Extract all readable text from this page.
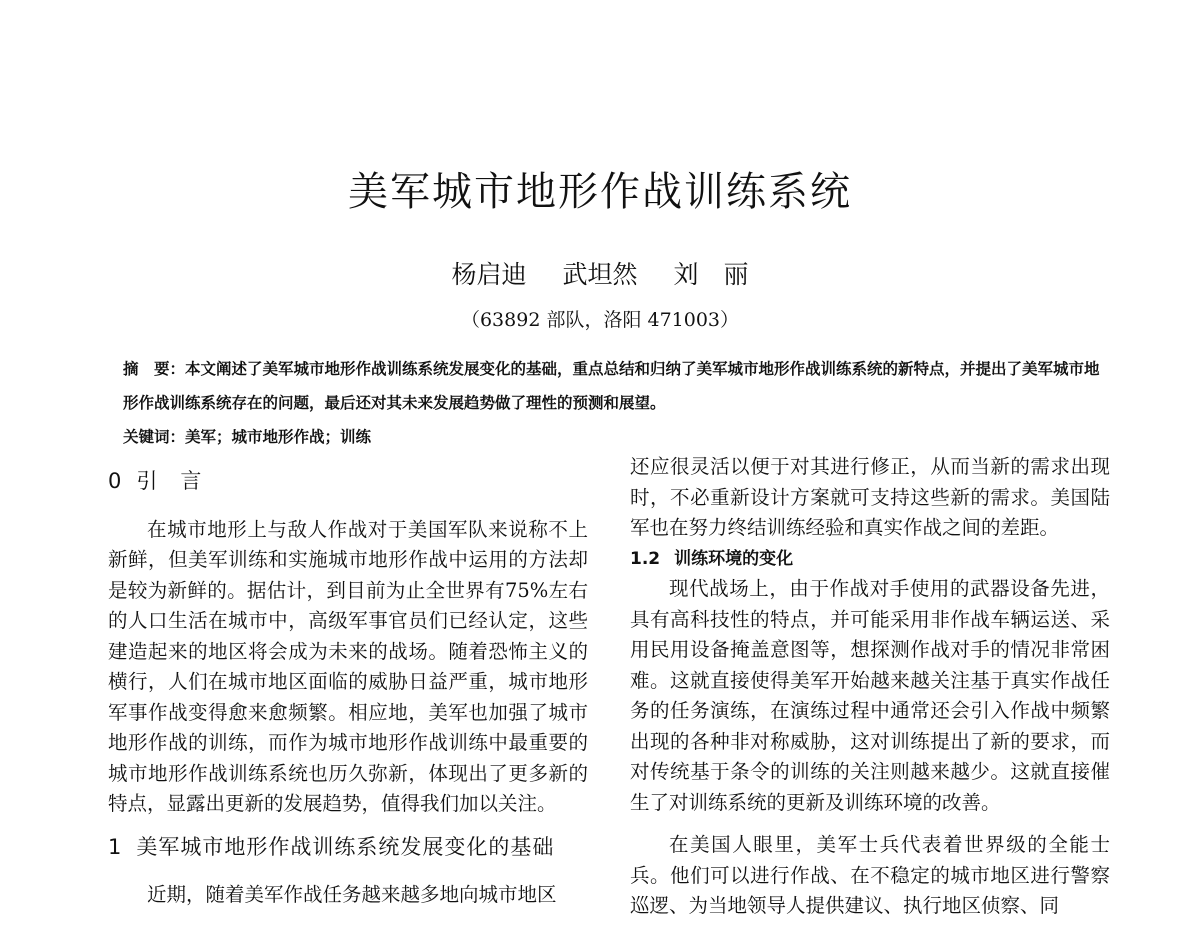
美军城市地形作战训练系统
杨启迪 武坦然 刘　丽
（63892 部队，洛阳 471003）

摘　要：本文阐述了美军城市地形作战训练系统发展变化的基础，重点总结和归纳了美军城市地形作战训练系统的新特点，并提出了美军城市地形作战训练系统存在的问题，最后还对其未来发展趋势做了理性的预测和展望。

关键词：美军；城市地形作战；训练

0 引　言

在城市地形上与敌人作战对于美国军队来说称不上新鲜，但美军训练和实施城市地形作战中运用的方法却是较为新鲜的。据估计，到目前为止全世界有75%左右的人口生活在城市中，高级军事官员们已经认定，这些建造起来的地区将会成为未来的战场。随着恐怖主义的横行，人们在城市地区面临的威胁日益严重，城市地形军事作战变得愈来愈频繁。相应地，美军也加强了城市地形作战的训练，而作为城市地形作战训练中最重要的城市地形作战训练系统也历久弥新，体现出了更多新的特点，显露出更新的发展趋势，值得我们加以关注。

1 美军城市地形作战训练系统发展变化的基础

近期，随着美军作战任务越来越多地向城市地区

还应很灵活以便于对其进行修正，从而当新的需求出现时，不必重新设计方案就可支持这些新的需求。美国陆军也在努力终结训练经验和真实作战之间的差距。

1.2 训练环境的变化

现代战场上，由于作战对手使用的武器设备先进，具有高科技性的特点，并可能采用非作战车辆运送、采用民用设备掩盖意图等，想探测作战对手的情况非常困难。这就直接使得美军开始越来越关注基于真实作战任务的任务演练，在演练过程中通常还会引入作战中频繁出现的各种非对称威胁，这对训练提出了新的要求，而对传统基于条令的训练的关注则越来越少。这就直接催生了对训练系统的更新及训练环境的改善。

在美国人眼里，美军士兵代表着世界级的全能士兵。他们可以进行作战、在不稳定的城市地区进行警察巡逻、为当地领导人提供建议、执行地区侦察、同
